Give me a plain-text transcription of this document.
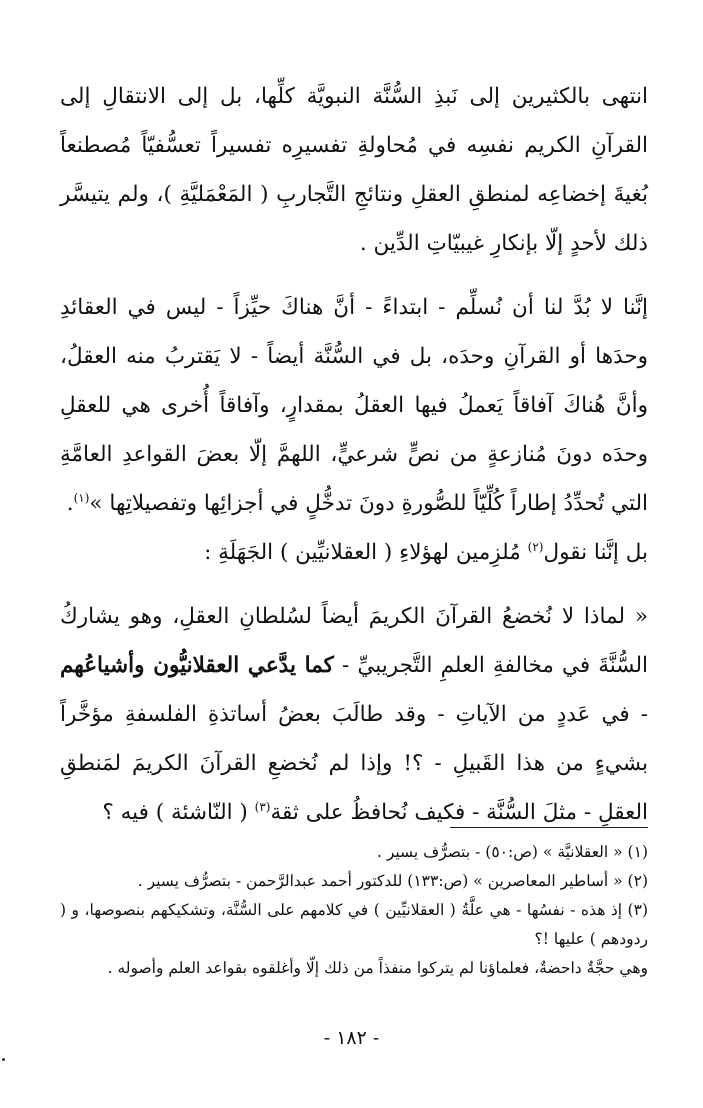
انتهى بالكثيرين إلى نَبذِ السُّنَّة النبويَّة كلِّها، بل إلى الانتقالِ إلى القرآنِ الكريم نفسِه في مُحاولةِ تفسيرِه تفسيراً تعسُّفيّاً مُصطنعاً بُغيةَ إخضاعِه لمنطقِ العقلِ ونتائجِ التَّجاربِ ( المَعْمَليَّةِ )، ولم يتيسَّر ذلك لأحدٍ إلّا بإنكارِ غيبيّاتِ الدِّين .

إنَّنا لا بُدَّ لنا أن نُسلِّم - ابتداءً - أنَّ هناكَ حيِّزاً - ليس في العقائدِ وحدَها أو القرآنِ وحدَه، بل في السُّنَّة أيضاً - لا يَقتربُ منه العقلُ، وأنَّ هُناكَ آفاقاً يَعملُ فيها العقلُ بمقدارٍ، وآفاقاً أُخرى هي للعقلِ وحدَه دونَ مُنازعةٍ من نصٍّ شرعيٍّ، اللهمَّ إلّا بعضَ القواعدِ العامَّةِ التي تُحدِّدُ إطاراً كُلِّيّاً للصُّورةِ دونَ تدخُّلٍ في أجزائِها وتفصيلاتِها »$^{(١)}$.

بل إنَّنا نقول$^{(٢)}$ مُلزِمين لهؤلاءِ ( العقلانيِّين ) الجَهَلَةِ :

« لماذا لا نُخضعُ القرآنَ الكريمَ أيضاً لسُلطانِ العقلِ، وهو يشاركُ السُّنَّةَ في مخالفةِ العلمِ التَّجريبيِّ - كما يدَّعي العقلانيُّون وأشياعُهم - في عَددٍ من الآياتِ - وقد طالَبَ بعضُ أساتذةِ الفلسفةِ مؤخَّراً بشيءٍ من هذا القَبيلِ - ؟! وإذا لم نُخضعِ القرآنَ الكريمَ لمَنطقِ العقلِ - مثلَ السُّنَّة - فكيف نُحافظُ على ثقة$^{(٣)}$ ( النّاشئة ) فيه ؟

(١) « العقلانيَّة » (ص:٥٠) - بتصرُّف يسير .

(٢) « أساطير المعاصرين » (ص:١٣٣) للدكتور أحمد عبدالرَّحمن - بتصرُّف يسير .

(٣) إذ هذه - نفسُها - هي علَّةُ ( العقلانيِّين ) في كلامهم على السُّنَّة، وتشكيكهم بنصوصها، و ( ردودهم ) عليها !؟

وهي حجَّةٌ داحضةٌ، فعلماؤنا لم يتركوا منفذاً من ذلك إلّا وأغلقوه بقواعد العلم وأصوله .

- ١٨٢ -
